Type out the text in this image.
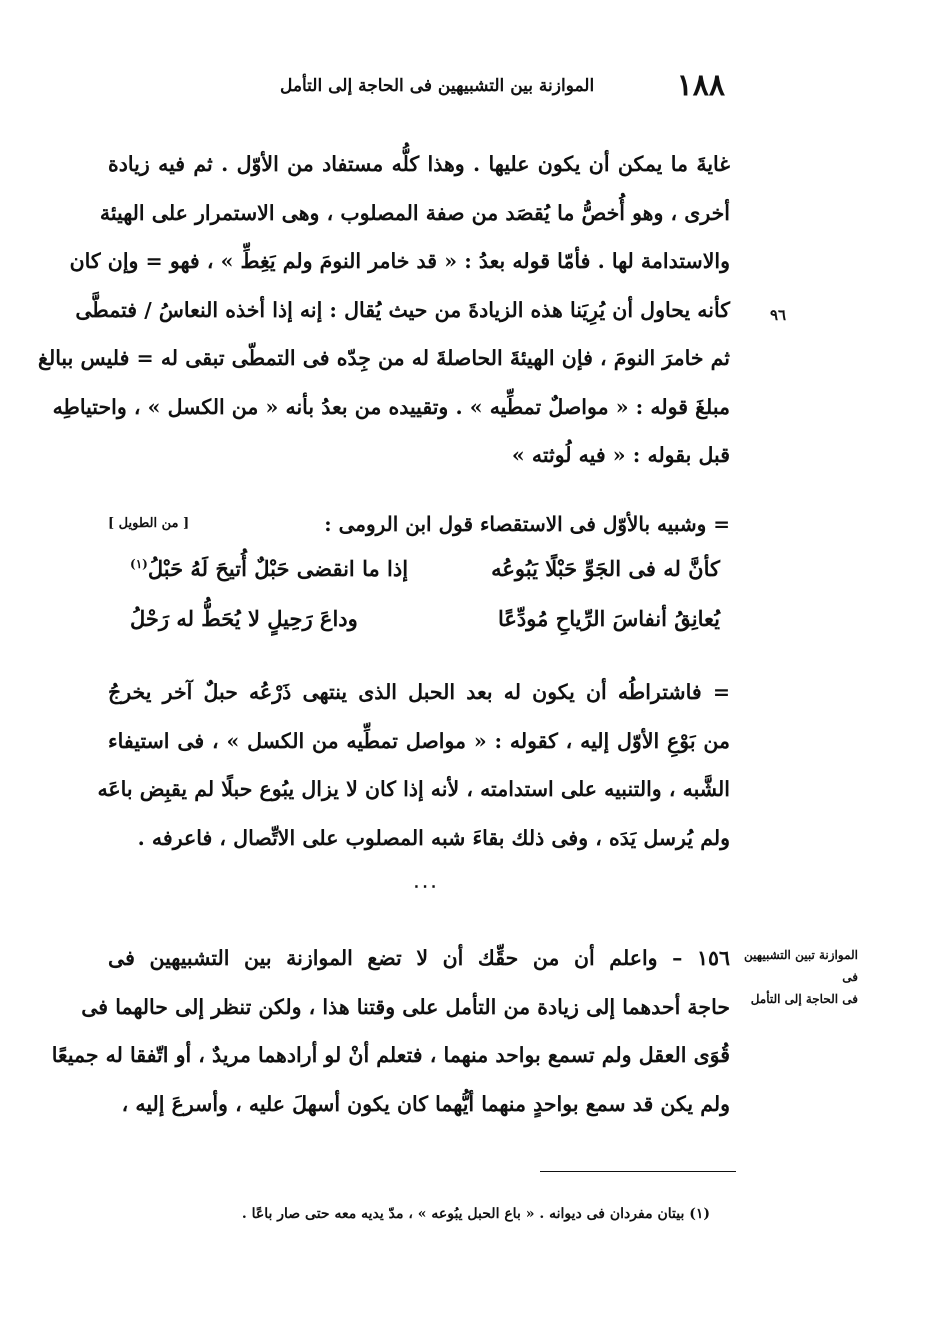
١٨٨
الموازنة بين التشبيهين فى الحاجة إلى التأمل
غايةَ ما يمكن أن يكون عليها . وهذا كلُّه مستفاد من الأوّل . ثم فيه زيادة
أخرى ، وهو أُخصُّ ما يُقصَد من صفة المصلوب ، وهى الاستمرار على الهيئة
والاستدامة لها . فأمّا قوله بعدُ : « قد خامر النومَ ولم يَغِطِّ » ، فهو = وإن كان
كأنه يحاول أن يُرِيَنا هذه الزيادةَ من حيث يُقال : إنه إذا أخذه النعاسُ / فتمطَّى
ثم خامرَ النومَ ، فإن الهيئةَ الحاصلةَ له من جِدّه فى التمطّى تبقى له = فليس ببالغ
مبلغَ قوله : « مواصلٌ تمطِّيه » . وتقييده من بعدُ بأنه « من الكسل » ، واحتياطِه
قبل بقوله : « فيه لُوثته »
٩٦
= وشبيه بالأوّل فى الاستقصاء قول ابن الرومى :
[ من الطويل ]
كأنَّ له فى الجَوِّ حَبْلًا يَبُوعُه
إذا ما انقضى حَبْلٌ أُتيحَ لَهُ حَبْلُ$^{(١)}$
يُعانِقُ أنفاسَ الرِّياحِ مُودِّعًا
وداعَ رَحِيلٍ لا يُحَطُّ له رَحْلُ
= فاشتراطُه أن يكون له بعد الحبل الذى ينتهى ذَرْعُه حبلٌ آخر يخرجُ
من بَوْعِ الأوّل إليه ، كقوله : « مواصل تمطِّيه من الكسل » ، فى استيفاء
الشَّبه ، والتنبيه على استدامته ، لأنه إذا كان لا يزال يبُوع حبلًا لم يقبِض باعَه
ولم يُرسل يَدَه ، وفى ذلك بقاءَ شبه المصلوب على الاتِّصال ، فاعرفه .
٠٠٠
الموازنة تبين التشبيهين فى
فى الحاجة إلى التأمل
١٥٦ – واعلم أن من حقِّك أن لا تضع الموازنة بين التشبيهين فى
حاجة أحدهما إلى زيادة من التأمل على وقتنا هذا ، ولكن تنظر إلى حالهما فى
قُوَى العقل ولم تسمع بواحد منهما ، فتعلم أنْ لو أرادهما مريدٌ ، أو اتّفقا له جميعًا
ولم يكن قد سمع بواحدٍ منهما أيُّهما كان يكون أسهلَ عليه ، وأسرعَ إليه ،
(١) بيتان مفردان فى ديوانه . « باع الحبل يبُوعه » ، مدّ يديه معه حتى صار باعًا .
